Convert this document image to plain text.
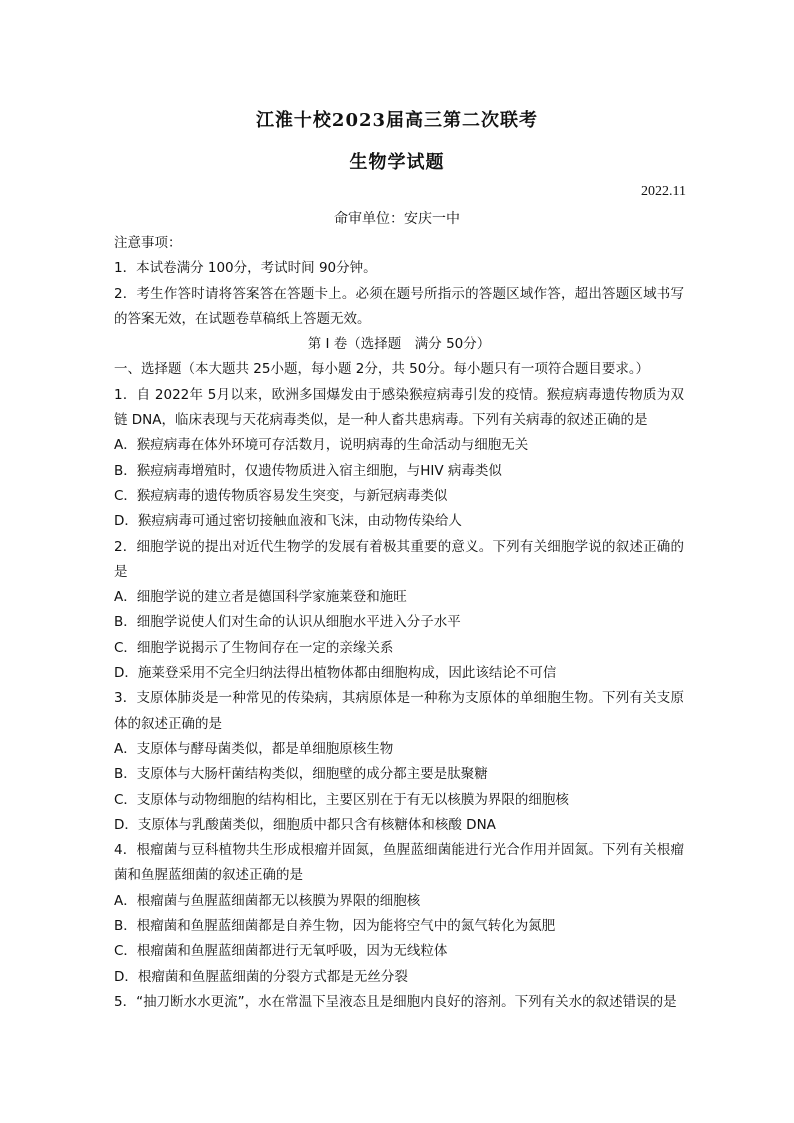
江淮十校2023届高三第二次联考
生物学试题
2022.11
命审单位：安庆一中
注意事项：
1．本试卷满分 100分，考试时间 90分钟。
2．考生作答时请将答案答在答题卡上。必须在题号所指示的答题区域作答，超出答题区域书写的答案无效，在试题卷草稿纸上答题无效。
第 I 卷（选择题　满分 50分）
一、选择题（本大题共 25小题，每小题 2分，共 50分。每小题只有一项符合题目要求。）
1．自 2022年 5月以来，欧洲多国爆发由于感染猴痘病毒引发的疫情。猴痘病毒遗传物质为双链 DNA，临床表现与天花病毒类似，是一种人畜共患病毒。下列有关病毒的叙述正确的是
A．猴痘病毒在体外环境可存活数月，说明病毒的生命活动与细胞无关
B．猴痘病毒增殖时，仅遗传物质进入宿主细胞，与HIV 病毒类似
C．猴痘病毒的遗传物质容易发生突变，与新冠病毒类似
D．猴痘病毒可通过密切接触血液和飞沫，由动物传染给人
2．细胞学说的提出对近代生物学的发展有着极其重要的意义。下列有关细胞学说的叙述正确的是
A．细胞学说的建立者是德国科学家施莱登和施旺
B．细胞学说使人们对生命的认识从细胞水平进入分子水平
C．细胞学说揭示了生物间存在一定的亲缘关系
D．施莱登采用不完全归纳法得出植物体都由细胞构成，因此该结论不可信
3．支原体肺炎是一种常见的传染病，其病原体是一种称为支原体的单细胞生物。下列有关支原体的叙述正确的是
A．支原体与酵母菌类似，都是单细胞原核生物
B．支原体与大肠杆菌结构类似，细胞壁的成分都主要是肽聚糖
C．支原体与动物细胞的结构相比，主要区别在于有无以核膜为界限的细胞核
D．支原体与乳酸菌类似，细胞质中都只含有核糖体和核酸 DNA
4．根瘤菌与豆科植物共生形成根瘤并固氮，鱼腥蓝细菌能进行光合作用并固氮。下列有关根瘤菌和鱼腥蓝细菌的叙述正确的是
A．根瘤菌与鱼腥蓝细菌都无以核膜为界限的细胞核
B．根瘤菌和鱼腥蓝细菌都是自养生物，因为能将空气中的氮气转化为氮肥
C．根瘤菌和鱼腥蓝细菌都进行无氧呼吸，因为无线粒体
D．根瘤菌和鱼腥蓝细菌的分裂方式都是无丝分裂
5．“抽刀断水水更流”，水在常温下呈液态且是细胞内良好的溶剂。下列有关水的叙述错误的是
